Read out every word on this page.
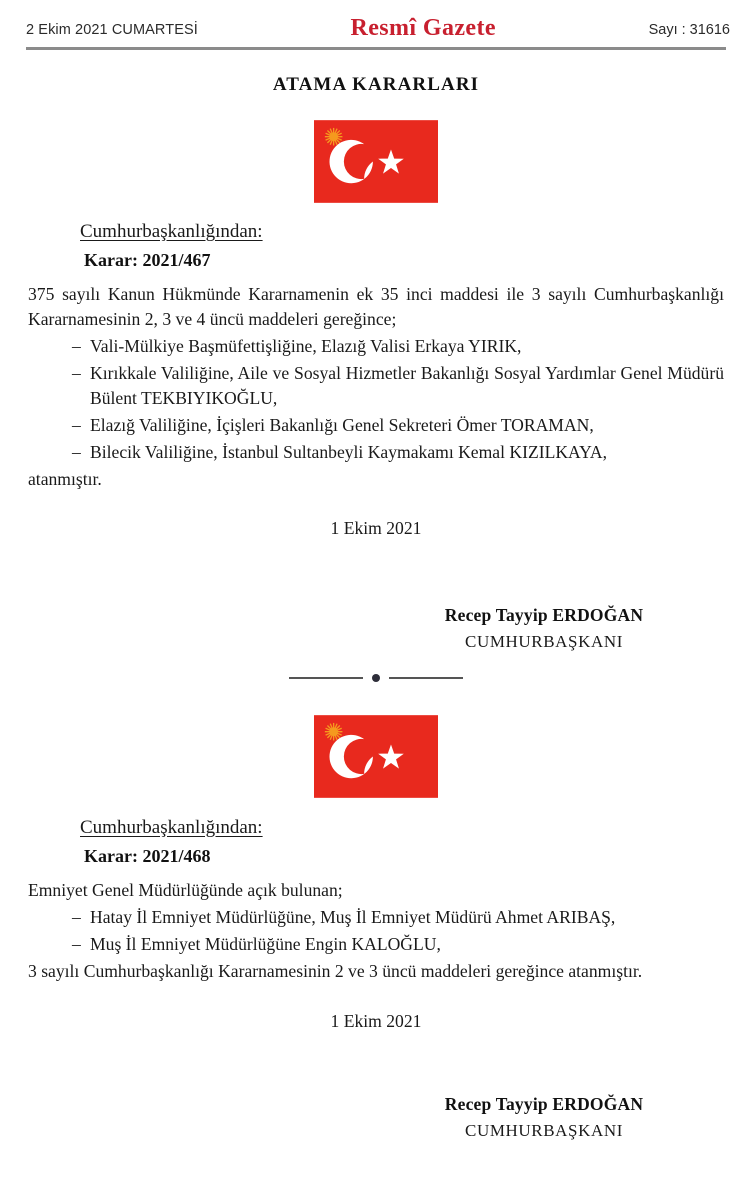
2 Ekim 2021 CUMARTESİ	Resmî Gazete	Sayı : 31616
ATAMA KARARLARI
Cumhurbaşkanlığından:
Karar: 2021/467
375 sayılı Kanun Hükmünde Kararnamenin ek 35 inci maddesi ile 3 sayılı Cumhurbaşkanlığı Kararnamesinin 2, 3 ve 4 üncü maddeleri gereğince;
– Vali-Mülkiye Başmüfettişliğine, Elazığ Valisi Erkaya YIRIK,
– Kırıkkale Valiliğine, Aile ve Sosyal Hizmetler Bakanlığı Sosyal Yardımlar Genel Müdürü Bülent TEKBIYIKOĞLU,
– Elazığ Valiliğine, İçişleri Bakanlığı Genel Sekreteri Ömer TORAMAN,
– Bilecik Valiliğine, İstanbul Sultanbeyli Kaymakamı Kemal KIZILKAYA,
atanmıştır.
1 Ekim 2021
Recep Tayyip ERDOĞAN
CUMHURBAŞKANI
Cumhurbaşkanlığından:
Karar: 2021/468
Emniyet Genel Müdürlüğünde açık bulunan;
– Hatay İl Emniyet Müdürlüğüne, Muş İl Emniyet Müdürü Ahmet ARIBAŞ,
– Muş İl Emniyet Müdürlüğüne Engin KALOĞLU,
3 sayılı Cumhurbaşkanlığı Kararnamesinin 2 ve 3 üncü maddeleri gereğince atanmıştır.
1 Ekim 2021
Recep Tayyip ERDOĞAN
CUMHURBAŞKANI
